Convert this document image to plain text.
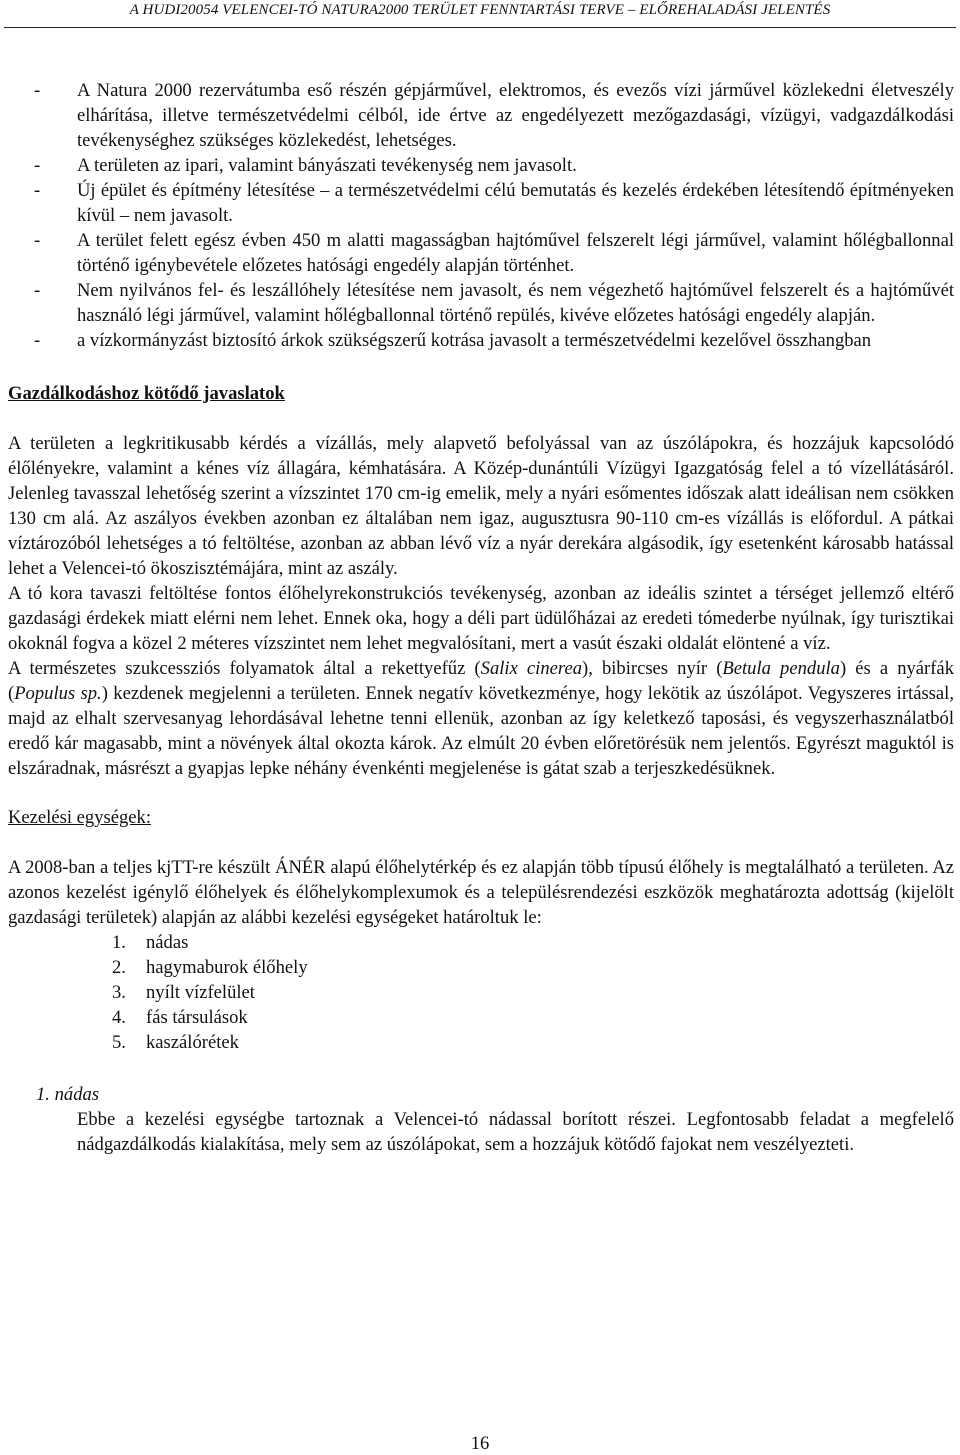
A HUDI20054 VELENCEI-TÓ NATURA2000 TERÜLET FENNTARTÁSI TERVE – ELŐREHALADÁSI JELENTÉS

- A Natura 2000 rezervátumba eső részén gépjárművel, elektromos, és evezős vízi járművel közlekedni életveszély elhárítása, illetve természetvédelmi célból, ide értve az engedélyezett mezőgazdasági, vízügyi, vadgazdálkodási tevékenységhez szükséges közlekedést, lehetséges.

- A területen az ipari, valamint bányászati tevékenység nem javasolt.

- Új épület és építmény létesítése – a természetvédelmi célú bemutatás és kezelés érdekében létesítendő építményeken kívül – nem javasolt.

- A terület felett egész évben 450 m alatti magasságban hajtóművel felszerelt légi járművel, valamint hőlégballonnal történő igénybevétele előzetes hatósági engedély alapján történhet.

- Nem nyilvános fel- és leszállóhely létesítése nem javasolt, és nem végezhető hajtóművel felszerelt és a hajtóművét használó légi járművel, valamint hőlégballonnal történő repülés, kivéve előzetes hatósági engedély alapján.

- a vízkormányzást biztosító árkok szükségszerű kotrása javasolt a természetvédelmi kezelővel összhangban

Gazdálkodáshoz kötődő javaslatok

A területen a legkritikusabb kérdés a vízállás, mely alapvető befolyással van az úszólápokra, és hozzájuk kapcsolódó élőlényekre, valamint a kénes víz állagára, kémhatására. A Közép-dunántúli Vízügyi Igazgatóság felel a tó vízellátásáról. Jelenleg tavasszal lehetőség szerint a vízszintet 170 cm-ig emelik, mely a nyári esőmentes időszak alatt ideálisan nem csökken 130 cm alá. Az aszályos években azonban ez általában nem igaz, augusztusra 90-110 cm-es vízállás is előfordul. A pátkai víztározóból lehetséges a tó feltöltése, azonban az abban lévő víz a nyár derekára algásodik, így esetenként károsabb hatással lehet a Velencei-tó ökoszisztémájára, mint az aszály.

A tó kora tavaszi feltöltése fontos élőhelyrekonstrukciós tevékenység, azonban az ideális szintet a térséget jellemző eltérő gazdasági érdekek miatt elérni nem lehet. Ennek oka, hogy a déli part üdülőházai az eredeti tómederbe nyúlnak, így turisztikai okoknál fogva a közel 2 méteres vízszintet nem lehet megvalósítani, mert a vasút északi oldalát elöntené a víz.

A természetes szukcessziós folyamatok által a rekettyefűz (Salix cinerea), bibircses nyír (Betula pendula) és a nyárfák (Populus sp.) kezdenek megjelenni a területen. Ennek negatív következménye, hogy lekötik az úszólápot. Vegyszeres irtással, majd az elhalt szervesanyag lehordásával lehetne tenni ellenük, azonban az így keletkező taposási, és vegyszerhasználatból eredő kár magasabb, mint a növények által okozta károk. Az elmúlt 20 évben előretörésük nem jelentős. Egyrészt maguktól is elszáradnak, másrészt a gyapjas lepke néhány évenkénti megjelenése is gátat szab a terjeszkedésüknek.

Kezelési egységek:

A 2008-ban a teljes kjTT-re készült ÁNÉR alapú élőhelytérkép és ez alapján több típusú élőhely is megtalálható a területen. Az azonos kezelést igénylő élőhelyek és élőhelykomplexumok és a településrendezési eszközök meghatározta adottság (kijelölt gazdasági területek) alapján az alábbi kezelési egységeket határoltuk le:

1. nádas
2. hagymaburok élőhely
3. nyílt vízfelület
4. fás társulások
5. kaszálórétek

1. nádas

Ebbe a kezelési egységbe tartoznak a Velencei-tó nádassal borított részei. Legfontosabb feladat a megfelelő nádgazdálkodás kialakítása, mely sem az úszólápokat, sem a hozzájuk kötődő fajokat nem veszélyezteti.

16
